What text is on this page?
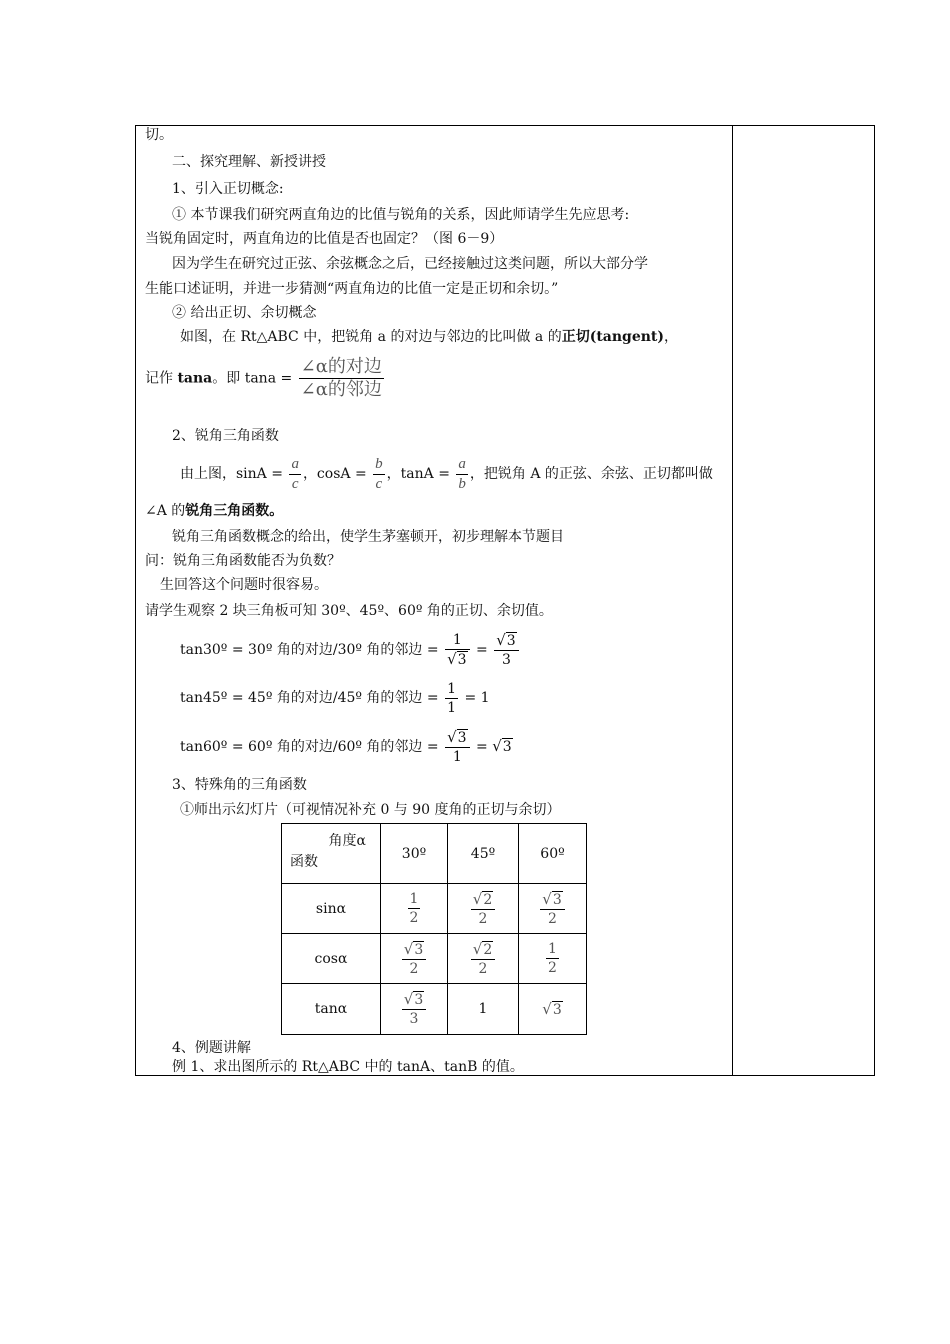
切。
二、探究理解、新授讲授
1、引入正切概念:
① 本节课我们研究两直角边的比值与锐角的关系，因此师请学生先应思考:
当锐角固定时，两直角边的比值是否也固定？（图 6－9）
因为学生在研究过正弦、余弦概念之后，已经接触过这类问题，所以大部分学
生能口述证明，并进一步猜测“两直角边的比值一定是正切和余切。”
② 给出正切、余切概念
如图，在 Rt△ABC 中，把锐角 a 的对边与邻边的比叫做 a 的正切(tangent)，
记作 tana。即 $\tan a = \frac{\text{∠α的对边}}{\text{∠α的邻边}}$
2、锐角三角函数
由上图，$\sin A = \frac{a}{c}$ ，$\cos A = \frac{b}{c}$ ，$\tan A = \frac{a}{b}$ ，把锐角 A 的正弦、余弦、正切都叫做
∠A 的锐角三角函数。
锐角三角函数概念的给出，使学生茅塞顿开，初步理解本节题目
问：锐角三角函数能否为负数？
生回答这个问题时很容易。
请学生观察 2 块三角板可知 30º、45º、60º 角的正切、余切值。
tan30º = 30º 角的对边/30º 角的邻边 = $\frac{1}{√3} = \frac{√3}{3}$
tan45º = 45º 角的对边/45º 角的邻边 = $\frac{1}{1} = 1$
tan60º = 60º 角的对边/60º 角的邻边 = $\frac{√3}{1} = √3$
3、特殊角的三角函数
①师出示幻灯片（可视情况补充 0 与 90 度角的正切与余切）
角度α
函数	30º	45º	60º
sinα	$\frac{1}{2}$	$\frac{√2}{2}$	$\frac{√3}{2}$

cosα	$\frac{√3}{2}$	$\frac{√2}{2}$	$\frac{1}{2}$

tanα	$\frac{√3}{3}$	1	√3
4、例题讲解
例 1、求出图所示的 Rt△ABC 中的 tanA、tanB 的值。
